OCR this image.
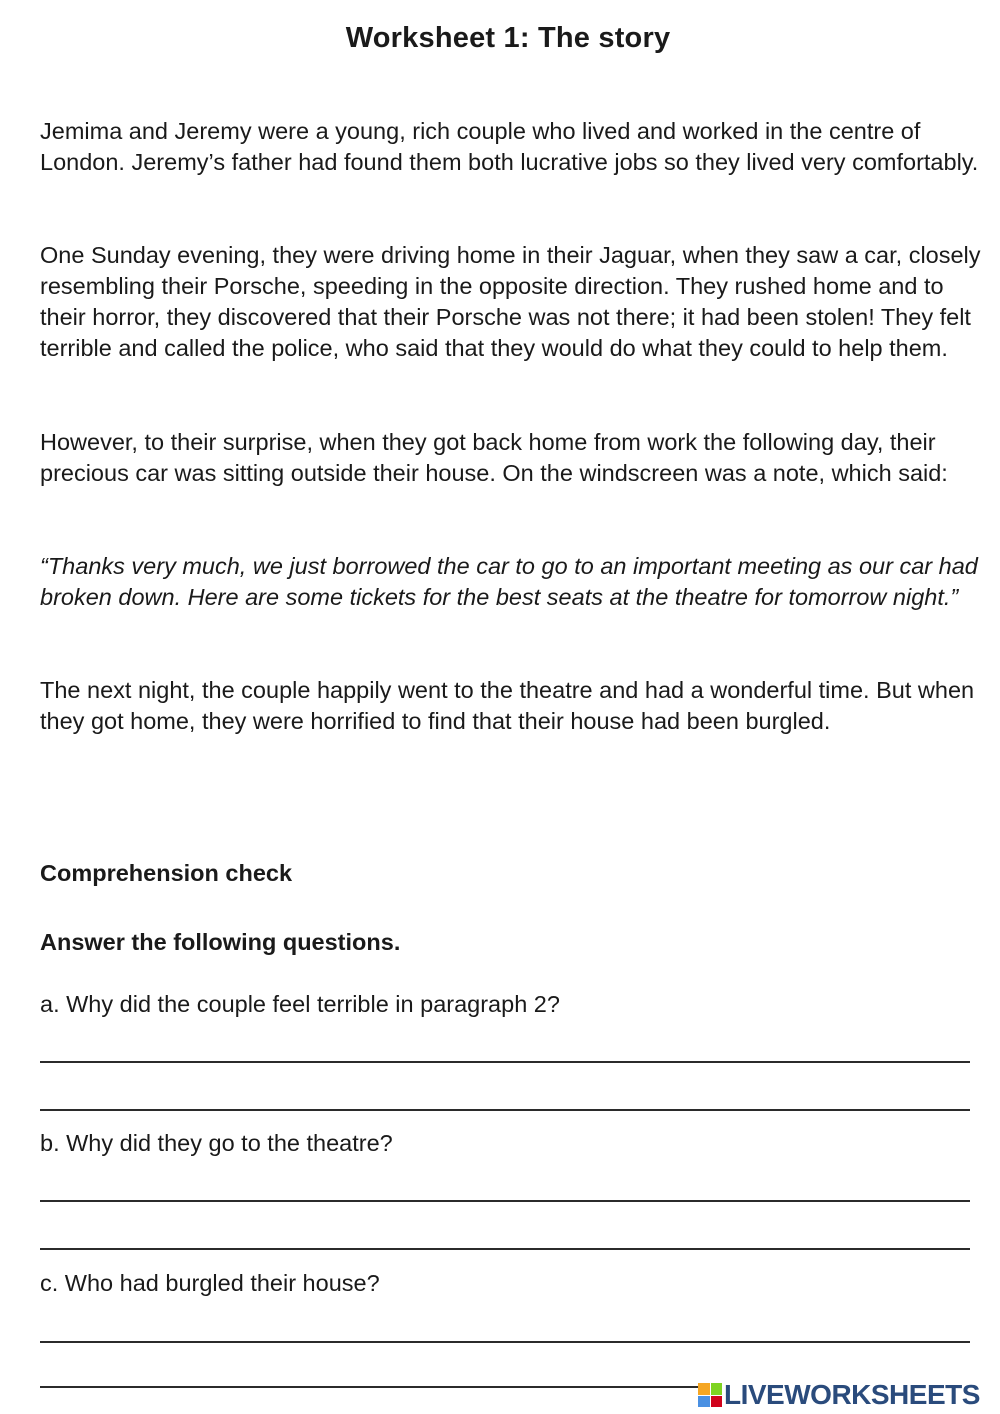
Worksheet 1: The story

Jemima and Jeremy were a young, rich couple who lived and worked in the centre of London. Jeremy’s father had found them both lucrative jobs so they lived very comfortably.

One Sunday evening, they were driving home in their Jaguar, when they saw a car, closely resembling their Porsche, speeding in the opposite direction. They rushed home and to their horror, they discovered that their Porsche was not there; it had been stolen! They felt terrible and called the police, who said that they would do what they could to help them.

However, to their surprise, when they got back home from work the following day, their precious car was sitting outside their house. On the windscreen was a note, which said:

“Thanks very much, we just borrowed the car to go to an important meeting as our car had broken down. Here are some tickets for the best seats at the theatre for tomorrow night.”

The next night, the couple happily went to the theatre and had a wonderful time. But when they got home, they were horrified to find that their house had been burgled.

Comprehension check
Answer the following questions.
a. Why did the couple feel terrible in paragraph 2?
b. Why did they go to the theatre?
c. Who had burgled their house?
LIVEWORKSHEETS
